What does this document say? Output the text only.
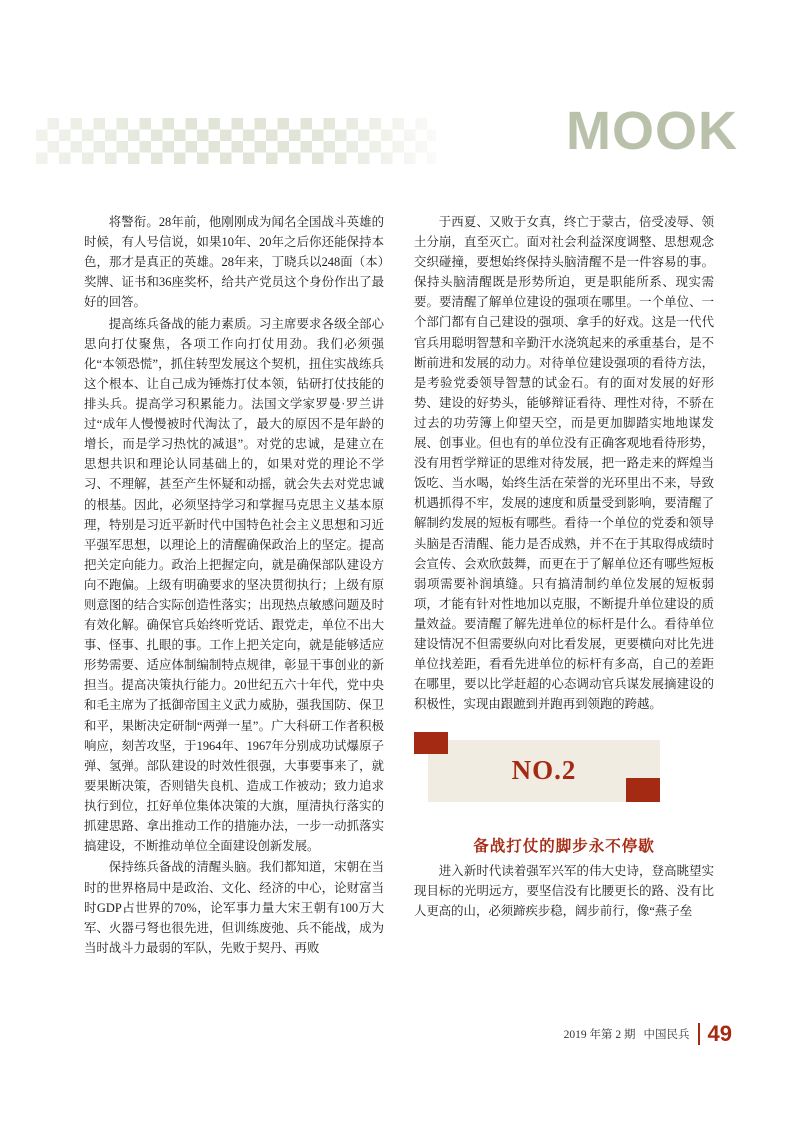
MOOK

将警衔。28年前，他刚刚成为闻名全国战斗英雄的时候，有人号信说，如果10年、20年之后你还能保持本色，那才是真正的英雄。28年来，丁晓兵以248面（本）奖牌、证书和36座奖杯，给共产党员这个身份作出了最好的回答。

提高练兵备战的能力素质。习主席要求各级全部心思向打仗聚焦，各项工作向打仗用劲。我们必须强化“本领恐慌”，抓住转型发展这个契机，扭住实战练兵这个根本、让自己成为锤炼打仗本领，钻研打仗技能的排头兵。提高学习积累能力。法国文学家罗曼·罗兰讲过“成年人慢慢被时代淘汰了，最大的原因不是年龄的增长，而是学习热忱的减退”。对党的忠诚，是建立在思想共识和理论认同基础上的，如果对党的理论不学习、不理解，甚至产生怀疑和动摇，就会失去对党忠诚的根基。因此，必须坚持学习和掌握马克思主义基本原理，特别是习近平新时代中国特色社会主义思想和习近平强军思想，以理论上的清醒确保政治上的坚定。提高把关定向能力。政治上把握定向，就是确保部队建设方向不跑偏。上级有明确要求的坚决贯彻执行；上级有原则意图的结合实际创造性落实；出现热点敏感问题及时有效化解。确保官兵始终听党话、跟党走，单位不出大事、怪事、扎眼的事。工作上把关定向，就是能够适应形势需要、适应体制编制特点规律，彰显干事创业的新担当。提高决策执行能力。20世纪五六十年代，党中央和毛主席为了抵御帝国主义武力威胁，强我国防、保卫和平，果断决定研制“两弹一星”。广大科研工作者积极响应，刻苦攻坚，于1964年、1967年分别成功试爆原子弹、氢弹。部队建设的时效性很强，大事要事来了，就要果断决策，否则错失良机、造成工作被动；致力追求执行到位，扛好单位集体决策的大旗，厘清执行落实的抓建思路、拿出推动工作的措施办法，一步一动抓落实搞建设，不断推动单位全面建设创新发展。

保持练兵备战的清醒头脑。我们都知道，宋朝在当时的世界格局中是政治、文化、经济的中心，论财富当时GDP占世界的70%，论军事力量大宋王朝有100万大军、火器弓弩也很先进，但训练废弛、兵不能战，成为当时战斗力最弱的军队，先败于契丹、再败

于西夏、又败于女真，终亡于蒙古，倍受凌辱、领土分崩，直至灭亡。面对社会利益深度调整、思想观念交织碰撞，要想始终保持头脑清醒不是一件容易的事。保持头脑清醒既是形势所迫，更是职能所系、现实需要。要清醒了解单位建设的强项在哪里。一个单位、一个部门都有自己建设的强项、拿手的好戏。这是一代代官兵用聪明智慧和辛勤汗水浇筑起来的承重基台，是不断前进和发展的动力。对待单位建设强项的看待方法，是考验党委领导智慧的试金石。有的面对发展的好形势、建设的好势头，能够辩证看待、理性对待，不骄在过去的功劳簿上仰望天空，而是更加脚踏实地地谋发展、创事业。但也有的单位没有正确客观地看待形势，没有用哲学辩证的思维对待发展，把一路走来的辉煌当饭吃、当水喝，始终生活在荣誉的光环里出不来，导致机遇抓得不牢，发展的速度和质量受到影响，要清醒了解制约发展的短板有哪些。看待一个单位的党委和领导头脑是否清醒、能力是否成熟，并不在于其取得成绩时会宣传、会欢欣鼓舞，而更在于了解单位还有哪些短板弱项需要补润填缝。只有搞清制约单位发展的短板弱项，才能有针对性地加以克服，不断提升单位建设的质量效益。要清醒了解先进单位的标杆是什么。看待单位建设情况不但需要纵向对比看发展，更要横向对比先进单位找差距，看看先进单位的标杆有多高，自己的差距在哪里，要以比学赶超的心态调动官兵谋发展摘建设的积极性，实现由跟蹠到并跑再到领跑的跨越。

NO.2

备战打仗的脚步永不停歇

进入新时代读着强军兴军的伟大史诗，登高眺望实现目标的光明远方，要坚信没有比腰更长的路、没有比人更高的山，必须蹄疾步稳，阔步前行，像“燕子垒

2019 年第 2 期 中国民兵 49
